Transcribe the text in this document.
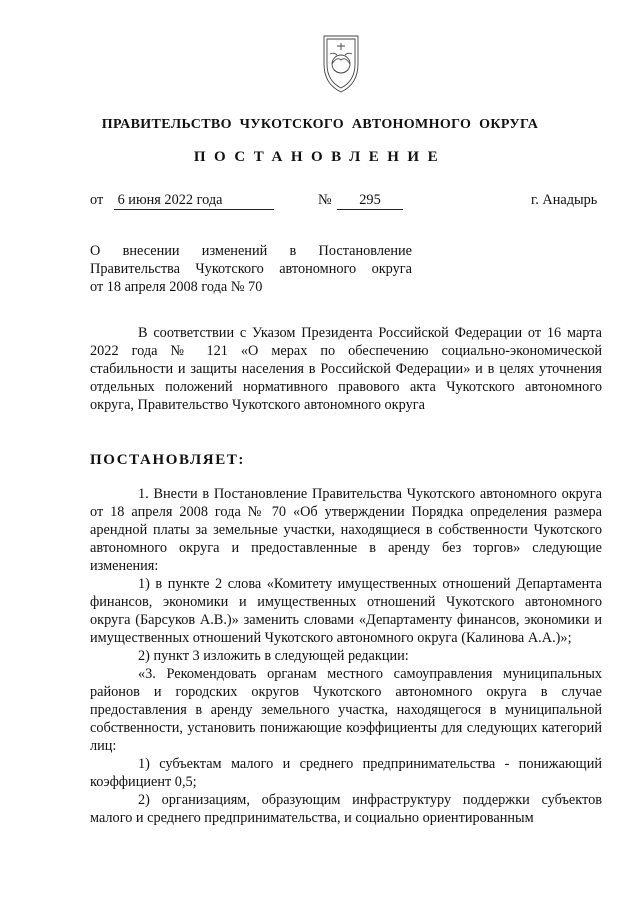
ПРАВИТЕЛЬСТВО ЧУКОТСКОГО АВТОНОМНОГО ОКРУГА
ПОСТАНОВЛЕНИЕ
от 6 июня 2022 года	№	295	г. Анадырь
О внесении изменений в Постановление
Правительства Чукотского автономного округа
от 18 апреля 2008 года № 70

В соответствии с Указом Президента Российской Федерации от 16 марта 2022 года № 121 «О мерах по обеспечению социально-экономической стабильности и защиты населения в Российской Федерации» и в целях уточнения отдельных положений нормативного правового акта Чукотского автономного округа, Правительство Чукотского автономного округа

ПОСТАНОВЛЯЕТ:

1. Внести в Постановление Правительства Чукотского автономного округа от 18 апреля 2008 года № 70 «Об утверждении Порядка определения размера арендной платы за земельные участки, находящиеся в собственности Чукотского автономного округа и предоставленные в аренду без торгов» следующие изменения:

1) в пункте 2 слова «Комитету имущественных отношений Департамента финансов, экономики и имущественных отношений Чукотского автономного округа (Барсуков А.В.)» заменить словами «Департаменту финансов, экономики и имущественных отношений Чукотского автономного округа (Калинова А.А.)»;

2) пункт 3 изложить в следующей редакции:

«3. Рекомендовать органам местного самоуправления муниципальных районов и городских округов Чукотского автономного округа в случае предоставления в аренду земельного участка, находящегося в муниципальной собственности, установить понижающие коэффициенты для следующих категорий лиц:

1) субъектам малого и среднего предпринимательства - понижающий коэффициент 0,5;

2) организациям, образующим инфраструктуру поддержки субъектов малого и среднего предпринимательства, и социально ориентированным
